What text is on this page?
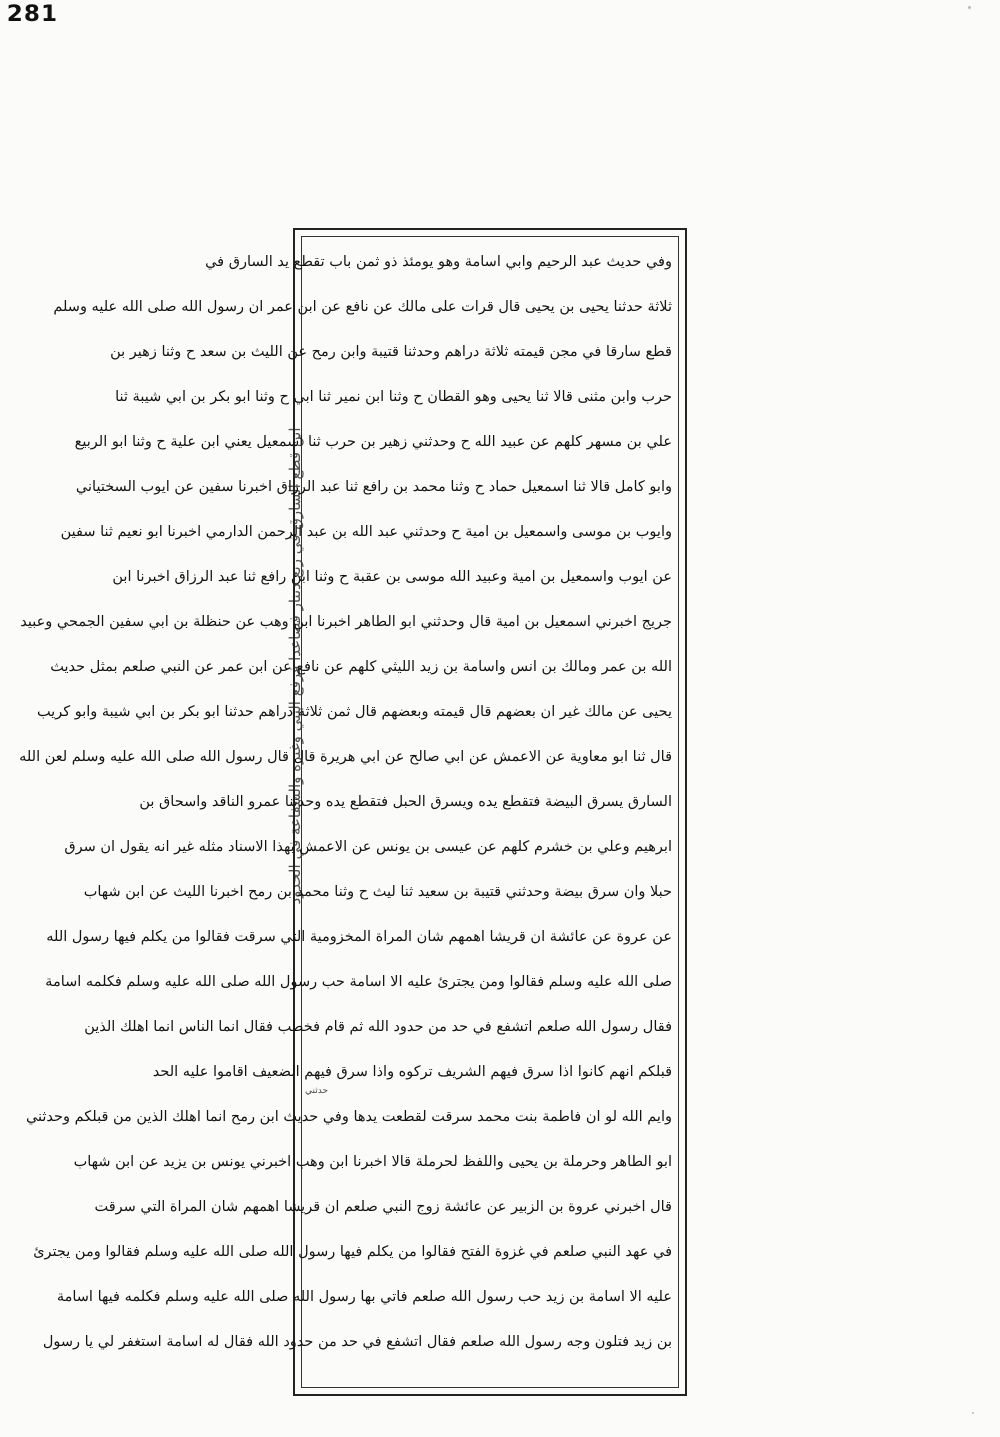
281
ابن قطع السارق في ربع دينار فصاعدا فرفع النبي وغيره والشفاعة في الحدود
حدثني
وفي حديث عبد الرحيم وابي اسامة وهو يومئذ ذو ثمن باب تقطع يد السارق في
ثلاثة حدثنا يحيى بن يحيى قال قرات على مالك عن نافع عن ابن عمر ان رسول الله صلى الله عليه وسلم
قطع سارقا في مجن قيمته ثلاثة دراهم وحدثنا قتيبة وابن رمح عن الليث بن سعد ح وثنا زهير بن
حرب وابن مثنى قالا ثنا يحيى وهو القطان ح وثنا ابن نمير ثنا ابي ح وثنا ابو بكر بن ابي شيبة ثنا
علي بن مسهر كلهم عن عبيد الله ح وحدثني زهير بن حرب ثنا اسمعيل يعني ابن علية ح وثنا ابو الربيع
وابو كامل قالا ثنا اسمعيل حماد ح وثنا محمد بن رافع ثنا عبد الرزاق اخبرنا سفين عن ايوب السختياني
وايوب بن موسى واسمعيل بن امية ح وحدثني عبد الله بن عبد الرحمن الدارمي اخبرنا ابو نعيم ثنا سفين
عن ايوب واسمعيل بن امية وعبيد الله موسى بن عقبة ح وثنا ابن رافع ثنا عبد الرزاق اخبرنا ابن
جريج اخبرني اسمعيل بن امية قال وحدثني ابو الطاهر اخبرنا ابن وهب عن حنظلة بن ابي سفين الجمحي وعبيد
الله بن عمر ومالك بن انس واسامة بن زيد الليثي كلهم عن نافع عن ابن عمر عن النبي صلعم بمثل حديث
يحيى عن مالك غير ان بعضهم قال قيمته وبعضهم قال ثمن ثلاثة دراهم حدثنا ابو بكر بن ابي شيبة وابو كريب
قال ثنا ابو معاوية عن الاعمش عن ابي صالح عن ابي هريرة قال قال رسول الله صلى الله عليه وسلم لعن الله
السارق يسرق البيضة فتقطع يده ويسرق الحبل فتقطع يده وحدثنا عمرو الناقد واسحاق بن
ابرهيم وعلي بن خشرم كلهم عن عيسى بن يونس عن الاعمش بهذا الاسناد مثله غير انه يقول ان سرق
حبلا وان سرق بيضة وحدثني قتيبة بن سعيد ثنا ليث ح وثنا محمد بن رمح اخبرنا الليث عن ابن شهاب
عن عروة عن عائشة ان قريشا اهمهم شان المراة المخزومية التي سرقت فقالوا من يكلم فيها رسول الله
صلى الله عليه وسلم فقالوا ومن يجترئ عليه الا اسامة حب رسول الله صلى الله عليه وسلم فكلمه اسامة
فقال رسول الله صلعم اتشفع في حد من حدود الله ثم قام فخطب فقال انما الناس انما اهلك الذين
قبلكم انهم كانوا اذا سرق فيهم الشريف تركوه واذا سرق فيهم الضعيف اقاموا عليه الحد
وايم الله لو ان فاطمة بنت محمد سرقت لقطعت يدها وفي حديث ابن رمح انما اهلك الذين من قبلكم وحدثني
ابو الطاهر وحرملة بن يحيى واللفظ لحرملة قالا اخبرنا ابن وهب اخبرني يونس بن يزيد عن ابن شهاب
قال اخبرني عروة بن الزبير عن عائشة زوج النبي صلعم ان قريشا اهمهم شان المراة التي سرقت
في عهد النبي صلعم في غزوة الفتح فقالوا من يكلم فيها رسول الله صلى الله عليه وسلم فقالوا ومن يجترئ
عليه الا اسامة بن زيد حب رسول الله صلعم فاتي بها رسول الله صلى الله عليه وسلم فكلمه فيها اسامة
بن زيد فتلون وجه رسول الله صلعم فقال اتشفع في حد من حدود الله فقال له اسامة استغفر لي يا رسول
